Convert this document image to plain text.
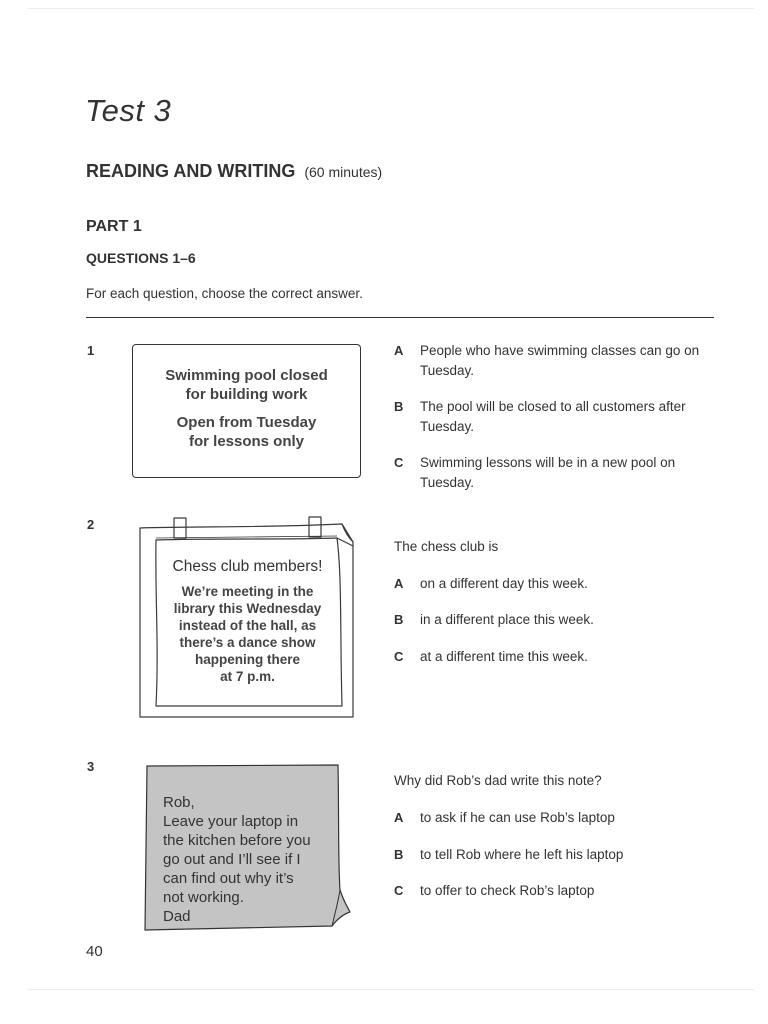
Test 3
READING AND WRITING (60 minutes)
PART 1
QUESTIONS 1–6
For each question, choose the correct answer.
1
Swimming pool closed
for building work
Open from Tuesday
for lessons only
A People who have swimming classes can go on Tuesday.
B The pool will be closed to all customers after Tuesday.
C Swimming lessons will be in a new pool on Tuesday.
2
Chess club members!
We’re meeting in the
library this Wednesday
instead of the hall, as
there’s a dance show
happening there
at 7 p.m.
The chess club is
A on a different day this week.
B in a different place this week.
C at a different time this week.
3
Rob,
Leave your laptop in
the kitchen before you
go out and I’ll see if I
can find out why it’s
not working.
Dad
Why did Rob’s dad write this note?
A to ask if he can use Rob’s laptop
B to tell Rob where he left his laptop
C to offer to check Rob’s laptop
40
